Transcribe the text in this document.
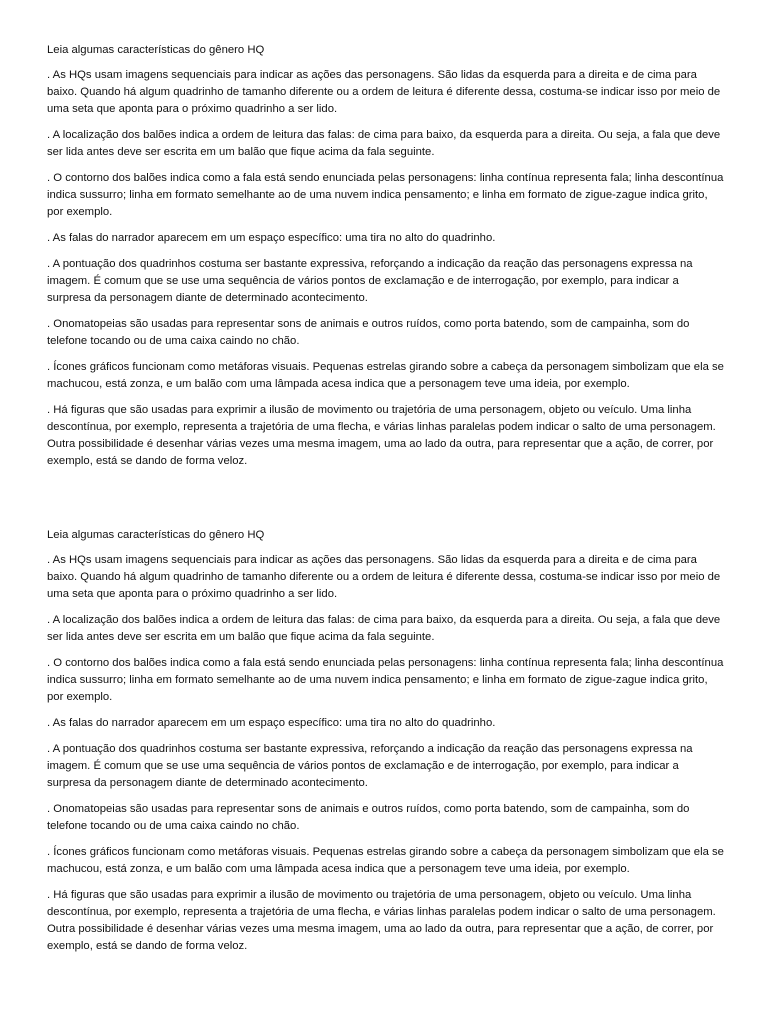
Leia algumas características do gênero HQ

. As HQs usam imagens sequenciais para indicar as ações das personagens. São lidas da esquerda para a direita e de cima para baixo. Quando há algum quadrinho de tamanho diferente ou a ordem de leitura é diferente dessa, costuma-se indicar isso por meio de uma seta que aponta para o próximo quadrinho a ser lido.

. A localização dos balões indica a ordem de leitura das falas: de cima para baixo, da esquerda para a direita. Ou seja, a fala que deve ser lida antes deve ser escrita em um balão que fique acima da fala seguinte.

. O contorno dos balões indica como a fala está sendo enunciada pelas personagens: linha contínua representa fala; linha descontínua indica sussurro; linha em formato semelhante ao de uma nuvem indica pensamento; e linha em formato de zigue-zague indica grito, por exemplo.

. As falas do narrador aparecem em um espaço específico: uma tira no alto do quadrinho.

. A pontuação dos quadrinhos costuma ser bastante expressiva, reforçando a indicação da reação das personagens expressa na imagem. É comum que se use uma sequência de vários pontos de exclamação e de interrogação, por exemplo, para indicar a surpresa da personagem diante de determinado acontecimento.

. Onomatopeias são usadas para representar sons de animais e outros ruídos, como porta batendo, som de campainha, som do telefone tocando ou de uma caixa caindo no chão.

. Ícones gráficos funcionam como metáforas visuais. Pequenas estrelas girando sobre a cabeça da personagem simbolizam que ela se machucou, está zonza, e um balão com uma lâmpada acesa indica que a personagem teve uma ideia, por exemplo.

. Há figuras que são usadas para exprimir a ilusão de movimento ou trajetória de uma personagem, objeto ou veículo. Uma linha descontínua, por exemplo, representa a trajetória de uma flecha, e várias linhas paralelas podem indicar o salto de uma personagem. Outra possibilidade é desenhar várias vezes uma mesma imagem, uma ao lado da outra, para representar que a ação, de correr, por exemplo, está se dando de forma veloz.

Leia algumas características do gênero HQ

. As HQs usam imagens sequenciais para indicar as ações das personagens. São lidas da esquerda para a direita e de cima para baixo. Quando há algum quadrinho de tamanho diferente ou a ordem de leitura é diferente dessa, costuma-se indicar isso por meio de uma seta que aponta para o próximo quadrinho a ser lido.

. A localização dos balões indica a ordem de leitura das falas: de cima para baixo, da esquerda para a direita. Ou seja, a fala que deve ser lida antes deve ser escrita em um balão que fique acima da fala seguinte.

. O contorno dos balões indica como a fala está sendo enunciada pelas personagens: linha contínua representa fala; linha descontínua indica sussurro; linha em formato semelhante ao de uma nuvem indica pensamento; e linha em formato de zigue-zague indica grito, por exemplo.

. As falas do narrador aparecem em um espaço específico: uma tira no alto do quadrinho.

. A pontuação dos quadrinhos costuma ser bastante expressiva, reforçando a indicação da reação das personagens expressa na imagem. É comum que se use uma sequência de vários pontos de exclamação e de interrogação, por exemplo, para indicar a surpresa da personagem diante de determinado acontecimento.

. Onomatopeias são usadas para representar sons de animais e outros ruídos, como porta batendo, som de campainha, som do telefone tocando ou de uma caixa caindo no chão.

. Ícones gráficos funcionam como metáforas visuais. Pequenas estrelas girando sobre a cabeça da personagem simbolizam que ela se machucou, está zonza, e um balão com uma lâmpada acesa indica que a personagem teve uma ideia, por exemplo.

. Há figuras que são usadas para exprimir a ilusão de movimento ou trajetória de uma personagem, objeto ou veículo. Uma linha descontínua, por exemplo, representa a trajetória de uma flecha, e várias linhas paralelas podem indicar o salto de uma personagem. Outra possibilidade é desenhar várias vezes uma mesma imagem, uma ao lado da outra, para representar que a ação, de correr, por exemplo, está se dando de forma veloz.
